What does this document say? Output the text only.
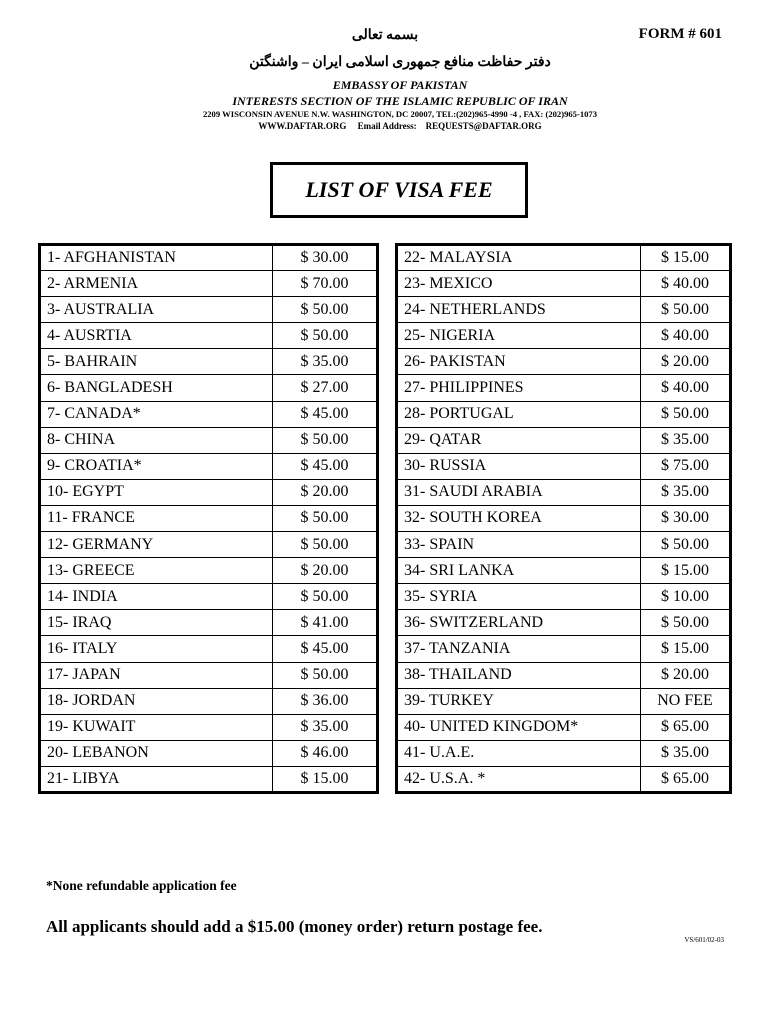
FORM # 601
بسمه تعالی
دفتر حفاظت منافع جمهوری اسلامی ایران – واشنگتن
EMBASSY OF PAKISTAN
INTERESTS SECTION OF THE ISLAMIC REPUBLIC OF IRAN
2209 WISCONSIN AVENUE N.W. WASHINGTON, DC 20007, TEL:(202)965-4990 -4 , FAX: (202)965-1073
WWW.DAFTAR.ORG     Email Address:    REQUESTS@DAFTAR.ORG
LIST OF VISA FEE
1- AFGHANISTAN	$ 30.00
2- ARMENIA	$ 70.00
3- AUSTRALIA	$ 50.00
4- AUSRTIA	$ 50.00
5- BAHRAIN	$ 35.00
6- BANGLADESH	$ 27.00
7- CANADA*	$ 45.00
8- CHINA	$ 50.00
9- CROATIA*	$ 45.00
10- EGYPT	$ 20.00
11- FRANCE	$ 50.00
12- GERMANY	$ 50.00
13- GREECE	$ 20.00
14- INDIA	$ 50.00
15- IRAQ	$ 41.00
16- ITALY	$ 45.00
17- JAPAN	$ 50.00
18- JORDAN	$ 36.00
19- KUWAIT	$ 35.00
20- LEBANON	$ 46.00
21- LIBYA	$ 15.00
22- MALAYSIA	$ 15.00
23- MEXICO	$ 40.00
24- NETHERLANDS	$ 50.00
25- NIGERIA	$ 40.00
26- PAKISTAN	$ 20.00
27- PHILIPPINES	$ 40.00
28- PORTUGAL	$ 50.00
29- QATAR	$ 35.00
30- RUSSIA	$ 75.00
31- SAUDI ARABIA	$ 35.00
32- SOUTH KOREA	$ 30.00
33- SPAIN	$ 50.00
34- SRI LANKA	$ 15.00
35- SYRIA	$ 10.00
36- SWITZERLAND	$ 50.00
37- TANZANIA	$ 15.00
38- THAILAND	$ 20.00
39- TURKEY	NO FEE
40- UNITED KINGDOM*	$ 65.00
41- U.A.E.	$ 35.00
42- U.S.A. *	$ 65.00
*None refundable application fee
All applicants should add a $15.00 (money order) return postage fee.
VS/601/02-03
